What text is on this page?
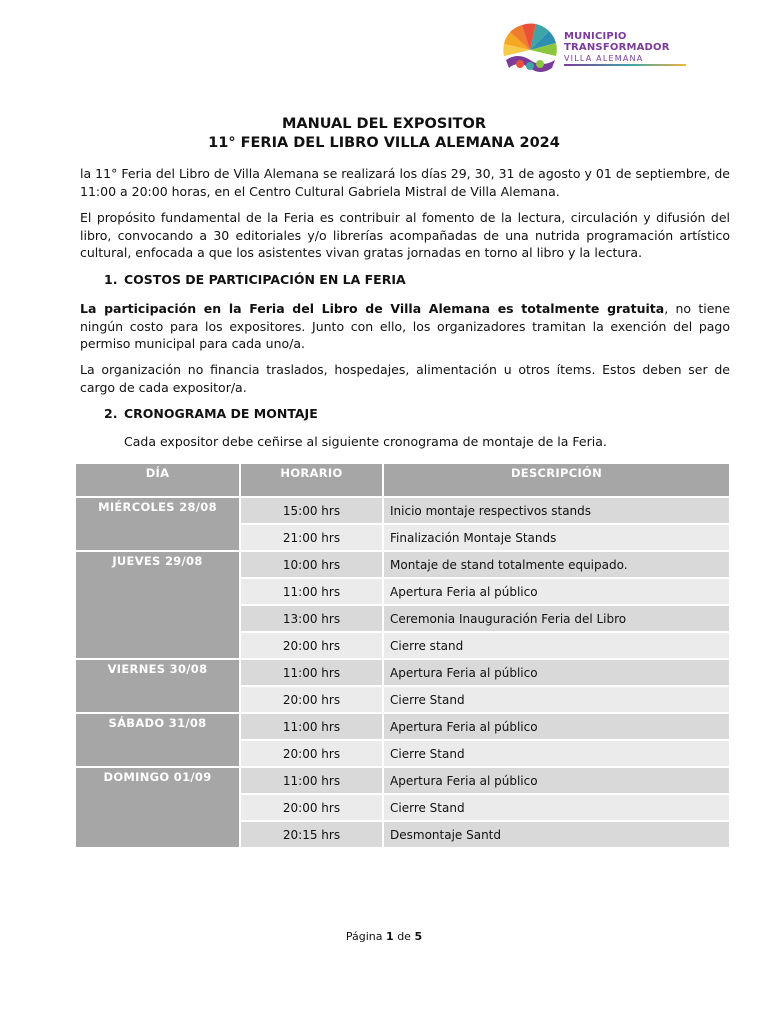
MUNICIPIO
TRANSFORMADOR
VILLA ALEMANA
MANUAL DEL EXPOSITOR
11° FERIA DEL LIBRO VILLA ALEMANA 2024
la 11° Feria del Libro de Villa Alemana se realizará los días 29, 30, 31 de agosto y 01 de septiembre, de 11:00 a 20:00 horas, en el Centro Cultural Gabriela Mistral de Villa Alemana.
El propósito fundamental de la Feria es contribuir al fomento de la lectura, circulación y difusión del libro, convocando a 30 editoriales y/o librerías acompañadas de una nutrida programación artístico cultural, enfocada a que los asistentes vivan gratas jornadas en torno al libro y la lectura.
1. COSTOS DE PARTICIPACIÓN EN LA FERIA
La participación en la Feria del Libro de Villa Alemana es totalmente gratuita, no tiene ningún costo para los expositores. Junto con ello, los organizadores tramitan la exención del pago permiso municipal para cada uno/a.
La organización no financia traslados, hospedajes, alimentación u otros ítems. Estos deben ser de cargo de cada expositor/a.
2. CRONOGRAMA DE MONTAJE
Cada expositor debe ceñirse al siguiente cronograma de montaje de la Feria.
DÍA	HORARIO	DESCRIPCIÓN
MIÉRCOLES 28/08	15:00 hrs	Inicio montaje respectivos stands
	21:00 hrs	Finalización Montaje Stands
JUEVES 29/08	10:00 hrs	Montaje de stand totalmente equipado.
	11:00 hrs	Apertura Feria al público
	13:00 hrs	Ceremonia Inauguración Feria del Libro
	20:00 hrs	Cierre stand
VIERNES 30/08	11:00 hrs	Apertura Feria al público
	20:00 hrs	Cierre Stand
SÁBADO 31/08	11:00 hrs	Apertura Feria al público
	20:00 hrs	Cierre Stand
DOMINGO 01/09	11:00 hrs	Apertura Feria al público
	20:00 hrs	Cierre Stand
	20:15 hrs	Desmontaje Santd
Página 1 de 5
